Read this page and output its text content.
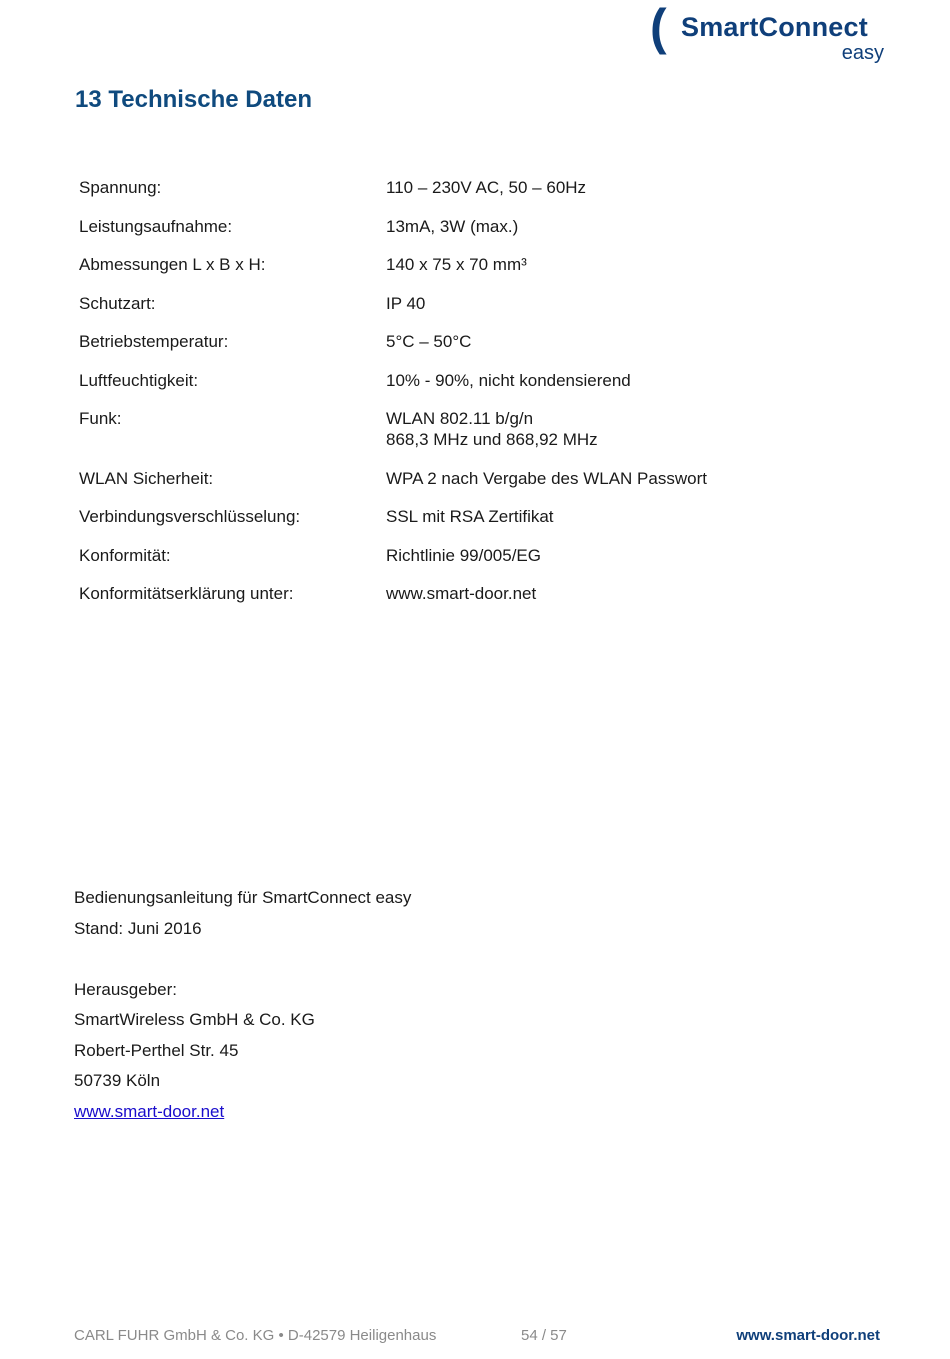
( SmartConnect
easy
13 Technische Daten
Spannung:	110 – 230V AC, 50 – 60Hz
Leistungsaufnahme:	13mA, 3W (max.)
Abmessungen L x B x H:	140 x 75 x 70 mm³
Schutzart:	IP 40
Betriebstemperatur:	5°C – 50°C
Luftfeuchtigkeit:	10% - 90%, nicht kondensierend
Funk:	WLAN 802.11 b/g/n
868,3 MHz und 868,92 MHz
WLAN Sicherheit:	WPA 2 nach Vergabe des WLAN Passwort
Verbindungsverschlüsselung:	SSL mit RSA Zertifikat
Konformität:	Richtlinie 99/005/EG
Konformitätserklärung unter:	www.smart-door.net
Bedienungsanleitung für SmartConnect easy
Stand: Juni 2016
Herausgeber:
SmartWireless GmbH & Co. KG
Robert-Perthel Str. 45
50739 Köln
www.smart-door.net
CARL FUHR GmbH & Co. KG • D-42579 Heiligenhaus	54 / 57	www.smart-door.net
